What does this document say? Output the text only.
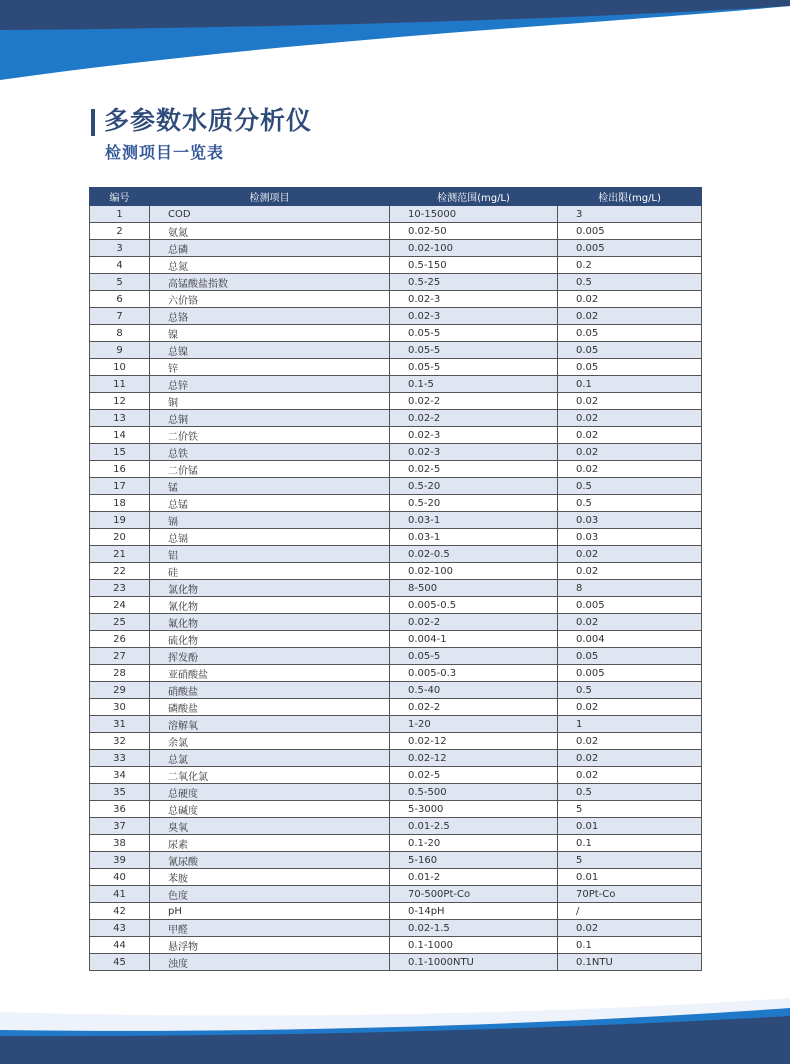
多参数水质分析仪
检测项目一览表
编号	检测项目	检测范围(mg/L)	检出限(mg/L)
1	COD	10-15000	3
2	氨氮	0.02-50	0.005
3	总磷	0.02-100	0.005
4	总氮	0.5-150	0.2
5	高锰酸盐指数	0.5-25	0.5
6	六价铬	0.02-3	0.02
7	总铬	0.02-3	0.02
8	镍	0.05-5	0.05
9	总镍	0.05-5	0.05
10	锌	0.05-5	0.05
11	总锌	0.1-5	0.1
12	铜	0.02-2	0.02
13	总铜	0.02-2	0.02
14	二价铁	0.02-3	0.02
15	总铁	0.02-3	0.02
16	二价锰	0.02-5	0.02
17	锰	0.5-20	0.5
18	总锰	0.5-20	0.5
19	镉	0.03-1	0.03
20	总镉	0.03-1	0.03
21	铝	0.02-0.5	0.02
22	硅	0.02-100	0.02
23	氯化物	8-500	8
24	氰化物	0.005-0.5	0.005
25	氟化物	0.02-2	0.02
26	硫化物	0.004-1	0.004
27	挥发酚	0.05-5	0.05
28	亚硝酸盐	0.005-0.3	0.005
29	硝酸盐	0.5-40	0.5
30	磷酸盐	0.02-2	0.02
31	溶解氧	1-20	1
32	余氯	0.02-12	0.02
33	总氯	0.02-12	0.02
34	二氧化氯	0.02-5	0.02
35	总硬度	0.5-500	0.5
36	总碱度	5-3000	5
37	臭氧	0.01-2.5	0.01
38	尿素	0.1-20	0.1
39	氰尿酸	5-160	5
40	苯胺	0.01-2	0.01
41	色度	70-500Pt-Co	70Pt-Co
42	pH	0-14pH	/
43	甲醛	0.02-1.5	0.02
44	悬浮物	0.1-1000	0.1
45	浊度	0.1-1000NTU	0.1NTU
